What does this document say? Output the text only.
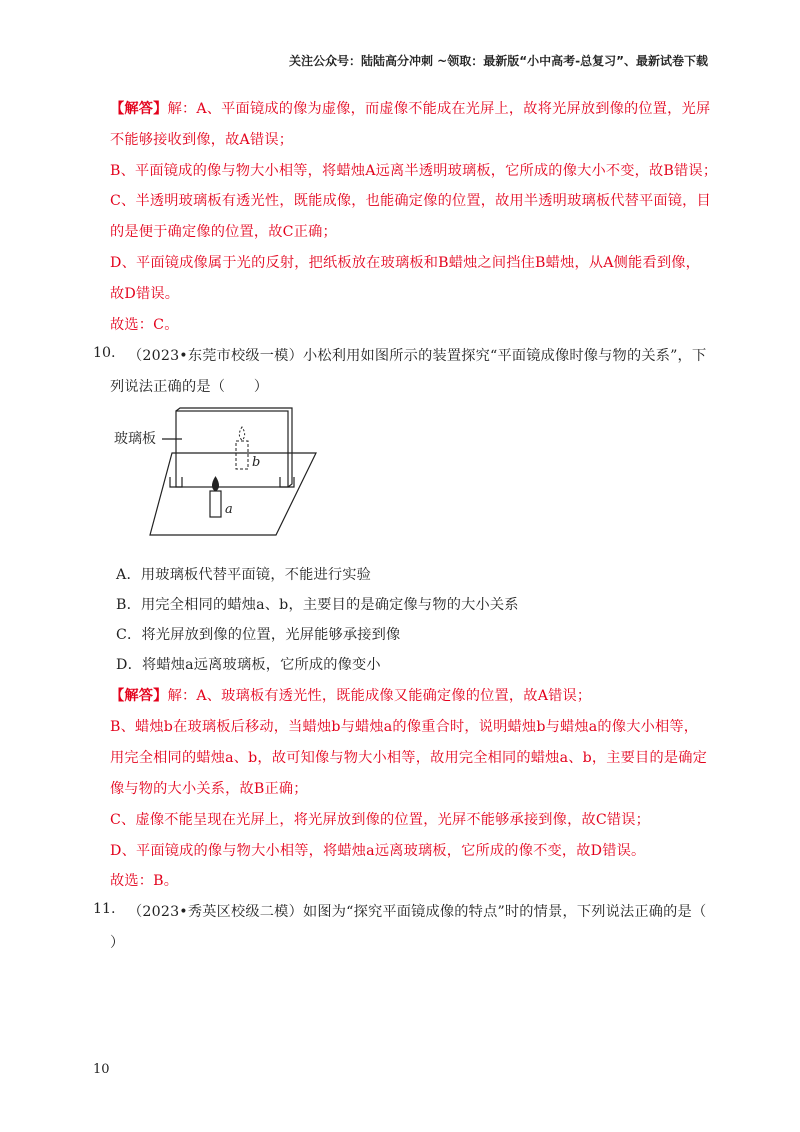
关注公众号：陆陆高分冲刺 ~领取：最新版“小中高考-总复习”、最新试卷下载
【解答】解：A、平面镜成的像为虚像，而虚像不能成在光屏上，故将光屏放到像的位置，光屏
不能够接收到像，故A错误；
B、平面镜成的像与物大小相等，将蜡烛A远离半透明玻璃板，它所成的像大小不变，故B错误；
C、半透明玻璃板有透光性，既能成像，也能确定像的位置，故用半透明玻璃板代替平面镜，目
的是便于确定像的位置，故C正确；
D、平面镜成像属于光的反射，把纸板放在玻璃板和B蜡烛之间挡住B蜡烛，从A侧能看到像，
故D错误。
故选：C。
10. （2023•东莞市校级一模）小松利用如图所示的装置探究“平面镜成像时像与物的关系”，下
列说法正确的是（　　）
b
a
玻璃板
A．用玻璃板代替平面镜，不能进行实验
B．用完全相同的蜡烛a、b，主要目的是确定像与物的大小关系
C．将光屏放到像的位置，光屏能够承接到像
D．将蜡烛a远离玻璃板，它所成的像变小
【解答】解：A、玻璃板有透光性，既能成像又能确定像的位置，故A错误；
B、蜡烛b在玻璃板后移动，当蜡烛b与蜡烛a的像重合时，说明蜡烛b与蜡烛a的像大小相等，
用完全相同的蜡烛a、b，故可知像与物大小相等，故用完全相同的蜡烛a、b，主要目的是确定
像与物的大小关系，故B正确；
C、虚像不能呈现在光屏上，将光屏放到像的位置，光屏不能够承接到像，故C错误；
D、平面镜成的像与物大小相等，将蜡烛a远离玻璃板，它所成的像不变，故D错误。
故选：B。
11. （2023•秀英区校级二模）如图为“探究平面镜成像的特点”时的情景，下列说法正确的是（
）
10
